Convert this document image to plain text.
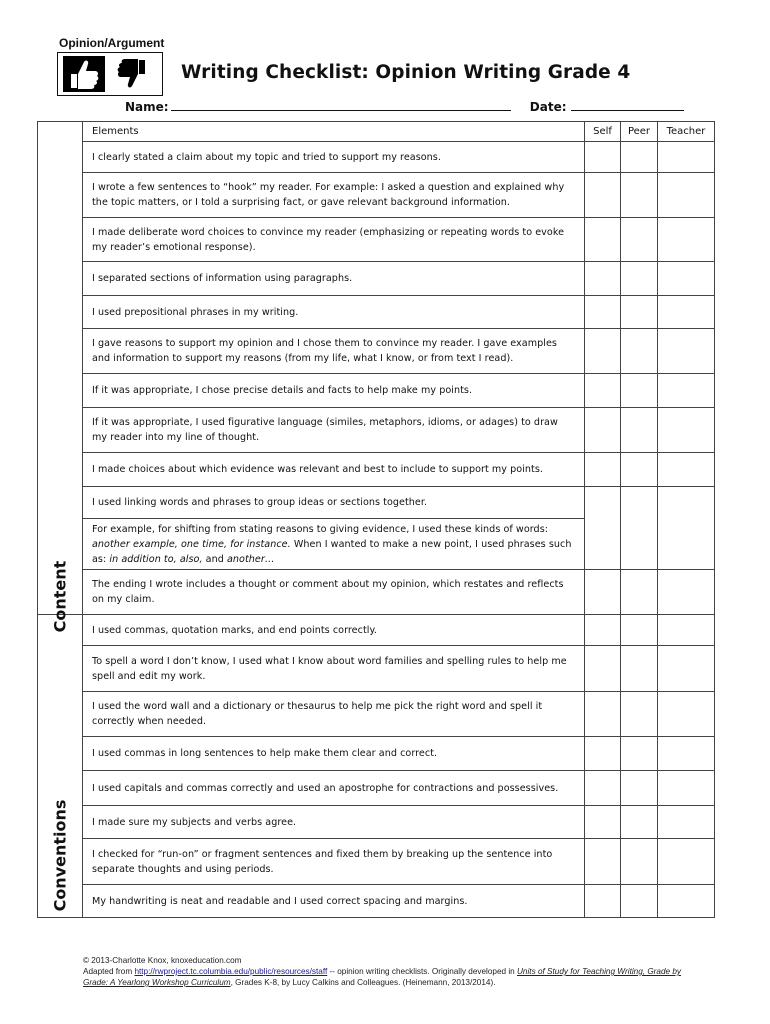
Opinion/Argument
Writing Checklist: Opinion Writing Grade 4
Name:	Date:
Content	Elements	Self	Peer	Teacher
	I clearly stated a claim about my topic and tried to support my reasons.			
	I wrote a few sentences to “hook” my reader. For example: I asked a question and explained why the topic matters, or I told a surprising fact, or gave relevant background information.			
	I made deliberate word choices to convince my reader (emphasizing or repeating words to evoke my reader’s emotional response).			
	I separated sections of information using paragraphs.			
	I used prepositional phrases in my writing.			
	I gave reasons to support my opinion and I chose them to convince my reader. I gave examples and information to support my reasons (from my life, what I know, or from text I read).			
	If it was appropriate, I chose precise details and facts to help make my points.			
	If it was appropriate, I used figurative language (similes, metaphors, idioms, or adages) to draw my reader into my line of thought.			
	I made choices about which evidence was relevant and best to include to support my points.			
	I used linking words and phrases to group ideas or sections together.			
	For example, for shifting from stating reasons to giving evidence, I used these kinds of words: another example, one time, for instance. When I wanted to make a new point, I used phrases such as: in addition to, also, and another…			
	The ending I wrote includes a thought or comment about my opinion, which restates and reflects on my claim.			

Conventions	I used commas, quotation marks, and end points correctly.			
	To spell a word I don’t know, I used what I know about word families and spelling rules to help me spell and edit my work.			
	I used the word wall and a dictionary or thesaurus to help me pick the right word and spell it correctly when needed.			
	I used commas in long sentences to help make them clear and correct.			
	I used capitals and commas correctly and used an apostrophe for contractions and possessives.			
	I made sure my subjects and verbs agree.			
	I checked for “run-on” or fragment sentences and fixed them by breaking up the sentence into separate thoughts and using periods.			
	My handwriting is neat and readable and I used correct spacing and margins.			
© 2013-Charlotte Knox, knoxeducation.com
Adapted from http://rwproject.tc.columbia.edu/public/resources/staff -- opinion writing checklists. Originally developed in Units of Study for Teaching Writing, Grade by Grade: A Yearlong Workshop Curriculum, Grades K-8, by Lucy Calkins and Colleagues. (Heinemann, 2013/2014).
